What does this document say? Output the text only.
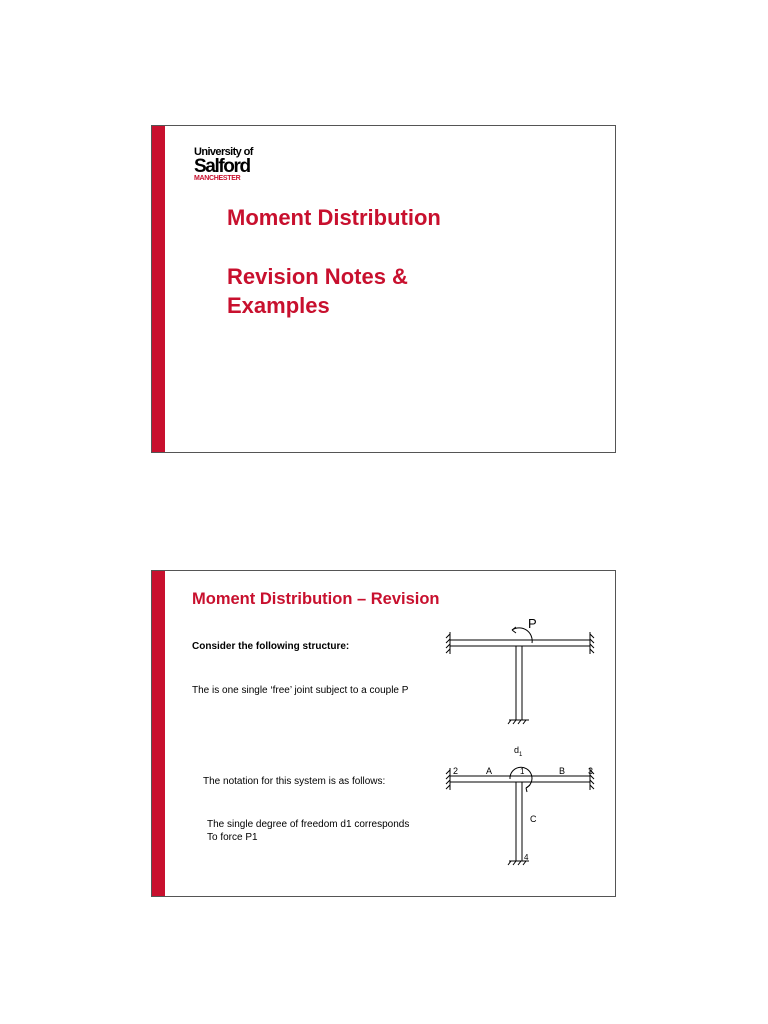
University of
Salford
MANCHESTER
Moment Distribution
Revision Notes &
Examples
Moment Distribution – Revision

Consider the following structure:

The is one single ‘free’ joint subject to a couple P

The notation for this system is as follows:

The single degree of freedom d1 corresponds

To force P1

P
d 1
2	A	1	B	3
C
4
